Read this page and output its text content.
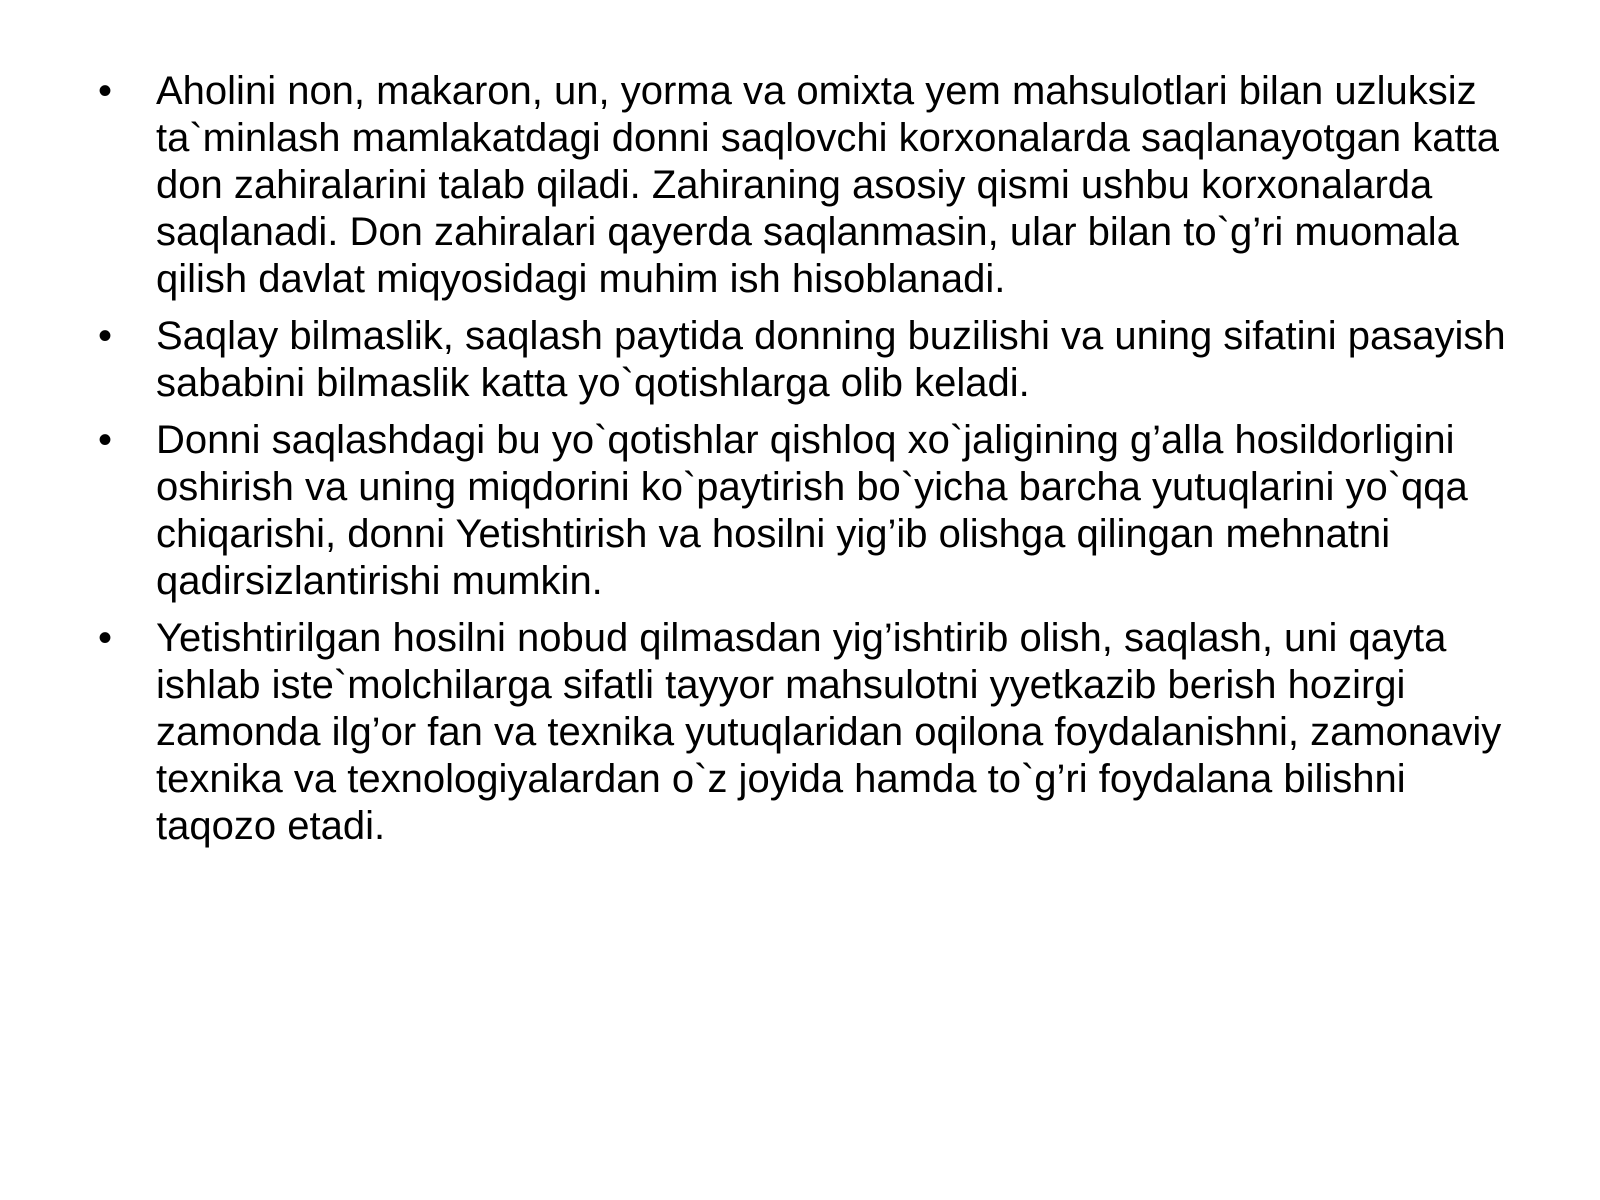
• Aholini non, makaron, un, yorma va omixta yem mahsulotlari bilan uzluksiz ta`minlash mamlakatdagi donni saqlovchi korxonalarda saqlanayotgan katta don zahiralarini talab qiladi. Zahiraning asosiy qismi ushbu korxonalarda saqlanadi. Don zahiralari qayerda saqlanmasin, ular bilan to`g’ri muomala qilish davlat miqyosidagi muhim ish hisoblanadi.
• Saqlay bilmaslik, saqlash paytida donning buzilishi va uning sifatini pasayish sababini bilmaslik katta yo`qotishlarga olib keladi.
• Donni saqlashdagi bu yo`qotishlar qishloq xo`jaligining g’alla hosildorligini oshirish va uning miqdorini ko`paytirish bo`yicha barcha yutuqlarini yo`qqa chiqarishi, donni Yetishtirish va hosilni yig’ib olishga qilingan mehnatni qadirsizlantirishi mumkin.
• Yetishtirilgan hosilni nobud qilmasdan yig’ishtirib olish, saqlash, uni qayta ishlab iste`molchilarga sifatli tayyor mahsulotni yyetkazib berish hozirgi zamonda ilg’or fan va texnika yutuqlaridan oqilona foydalanishni, zamonaviy texnika va texnologiyalardan o`z joyida hamda to`g’ri foydalana bilishni taqozo etadi.
